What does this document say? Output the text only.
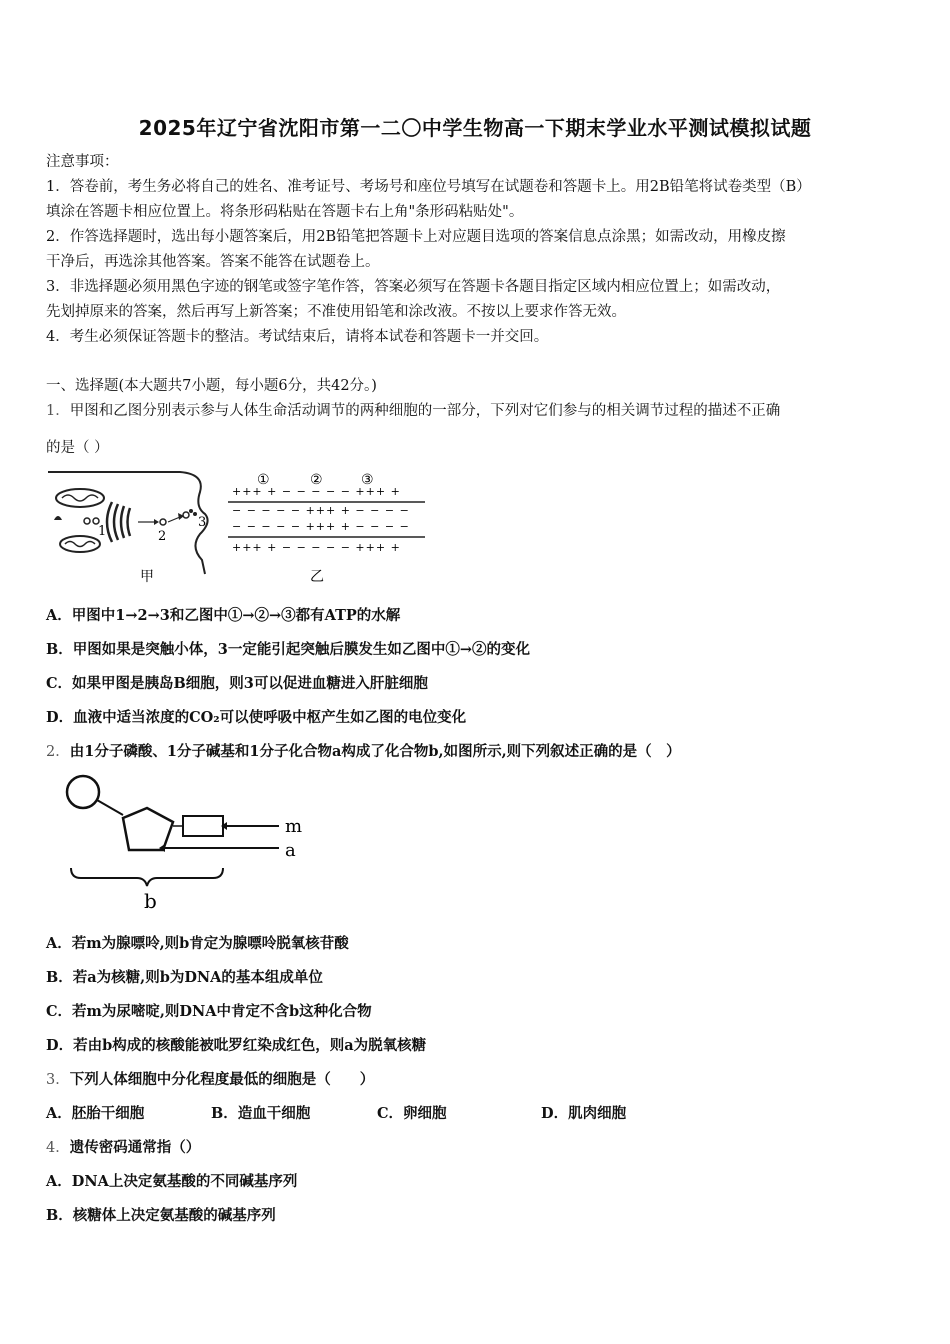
2025年辽宁省沈阳市第一二〇中学生物高一下期末学业水平测试模拟试题
注意事项：
1．答卷前，考生务必将自己的姓名、准考证号、考场号和座位号填写在试题卷和答题卡上。用2B铅笔将试卷类型（B）
填涂在答题卡相应位置上。将条形码粘贴在答题卡右上角"条形码粘贴处"。
2．作答选择题时，选出每小题答案后，用2B铅笔把答题卡上对应题目选项的答案信息点涂黑；如需改动，用橡皮擦
干净后，再选涂其他答案。答案不能答在试题卷上。
3．非选择题必须用黑色字迹的钢笔或签字笔作答，答案必须写在答题卡各题目指定区域内相应位置上；如需改动，
先划掉原来的答案，然后再写上新答案；不准使用铅笔和涂改液。不按以上要求作答无效。
4．考生必须保证答题卡的整洁。考试结束后，请将本试卷和答题卡一并交回。
一、选择题(本大题共7小题，每小题6分，共42分。)
1．甲图和乙图分别表示参与人体生命活动调节的两种细胞的一部分，下列对它们参与的相关调节过程的描述不正确
的是（ ）
1	2
3
甲
①	②	③
+++ + − − − − − +++ +
− − − − − +++ + − − − −
− − − − − +++ + − − − −
+++ + − − − − − +++ +
乙
A．甲图中1→2→3和乙图中①→②→③都有ATP的水解
B．甲图如果是突触小体，3一定能引起突触后膜发生如乙图中①→②的变化
C．如果甲图是胰岛B细胞，则3可以促进血糖进入肝脏细胞
D．血液中适当浓度的CO₂可以使呼吸中枢产生如乙图的电位变化
2．由1分子磷酸、1分子碱基和1分子化合物a构成了化合物b,如图所示,则下列叙述正确的是（　）
m
a
b
A．若m为腺嘌呤,则b肯定为腺嘌呤脱氧核苷酸
B．若a为核糖,则b为DNA的基本组成单位
C．若m为尿嘧啶,则DNA中肯定不含b这种化合物
D．若由b构成的核酸能被吡罗红染成红色，则a为脱氧核糖
3．下列人体细胞中分化程度最低的细胞是（　　）
A．胚胎干细胞	B．造血干细胞	C．卵细胞	D．肌肉细胞
4．遗传密码通常指（）
A．DNA上决定氨基酸的不同碱基序列
B．核糖体上决定氨基酸的碱基序列
